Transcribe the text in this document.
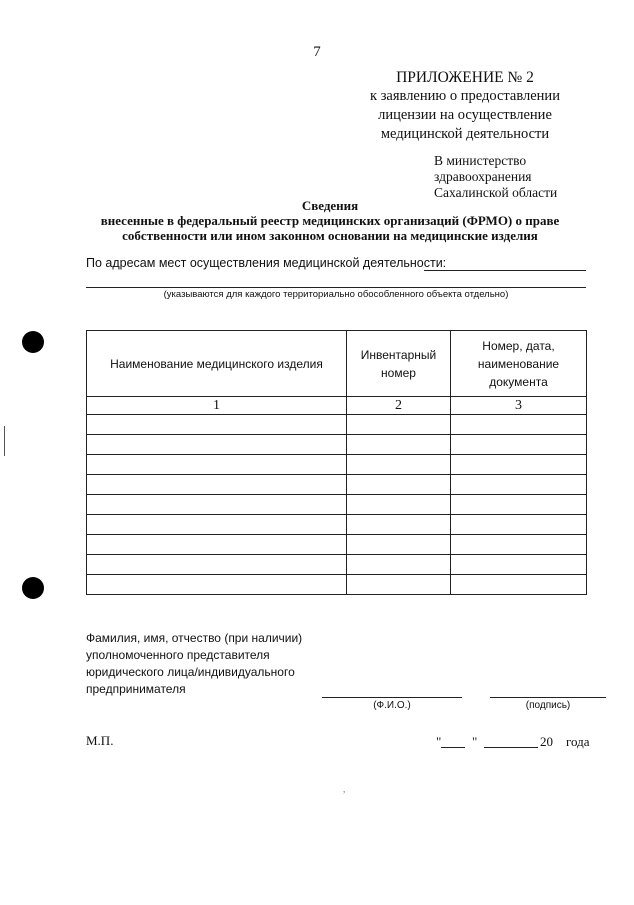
7
ПРИЛОЖЕНИЕ № 2
к заявлению о предоставлении
лицензии на осуществление
медицинской деятельности
В министерство
здравоохранения
Сахалинской области
Сведения
внесенные в федеральный реестр медицинских организаций (ФРМО) о праве
собственности или ином законном основании на медицинские изделия
По адресам мест осуществления медицинской деятельности:
(указываются для каждого территориально обособленного объекта отдельно)
Наименование медицинского изделия	Инвентарный номер	Номер, дата, наименование документа
1	2	3

Фамилия, имя, отчество (при наличии)
уполномоченного представителя
юридического лица/индивидуального
предпринимателя
(Ф.И.О.)	(подпись)
М.П.	" "	20 года
,
